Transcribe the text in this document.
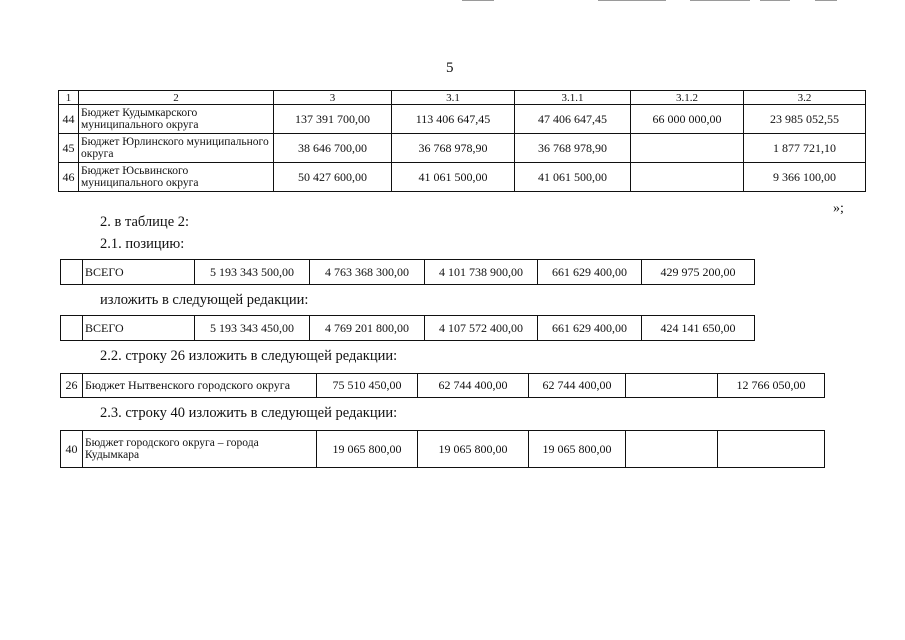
5
1	2	3	3.1	3.1.1	3.1.2	3.2
44	Бюджет Кудымкарского муниципального округа	137 391 700,00	113 406 647,45	47 406 647,45	66 000 000,00	23 985 052,55
45	Бюджет Юрлинского муниципального округа	38 646 700,00	36 768 978,90	36 768 978,90		1 877 721,10
46	Бюджет Юсьвинского муниципального округа	50 427 600,00	41 061 500,00	41 061 500,00		9 366 100,00
»;
2. в таблице 2:
2.1. позицию:
	ВСЕГО	5 193 343 500,00	4 763 368 300,00	4 101 738 900,00	661 629 400,00	429 975 200,00
изложить в следующей редакции:
	ВСЕГО	5 193 343 450,00	4 769 201 800,00	4 107 572 400,00	661 629 400,00	424 141 650,00
2.2. строку 26 изложить в следующей редакции:
26	Бюджет Нытвенского городского округа	75 510 450,00	62 744 400,00	62 744 400,00		12 766 050,00
2.3. строку 40 изложить в следующей редакции:
40	Бюджет городского округа – города Кудымкара	19 065 800,00	19 065 800,00	19 065 800,00		
